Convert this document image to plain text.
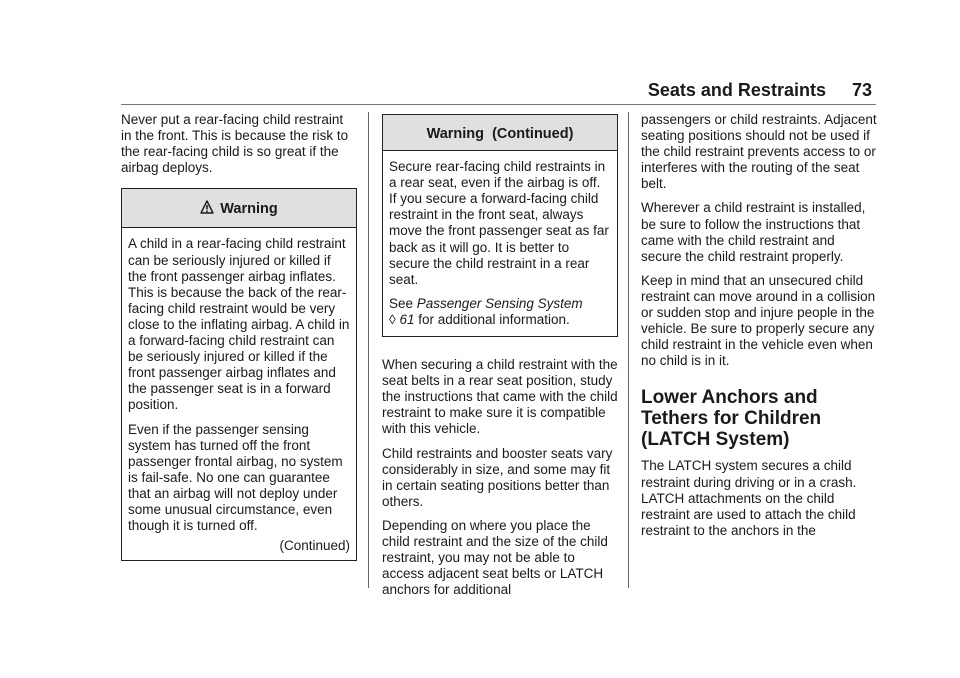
Seats and Restraints 73

Never put a rear-facing child restraint in the front. This is because the risk to the rear-facing child is so great if the airbag deploys.

Warning

A child in a rear-facing child restraint can be seriously injured or killed if the front passenger airbag inflates. This is because the back of the rear-facing child restraint would be very close to the inflating airbag. A child in a forward-facing child restraint can be seriously injured or killed if the front passenger airbag inflates and the passenger seat is in a forward position.

Even if the passenger sensing system has turned off the front passenger frontal airbag, no system is fail-safe. No one can guarantee that an airbag will not deploy under some unusual circumstance, even though it is turned off.

(Continued)
Warning  (Continued)

Secure rear-facing child restraints in a rear seat, even if the airbag is off. If you secure a forward-facing child restraint in the front seat, always move the front passenger seat as far back as it will go. It is better to secure the child restraint in a rear seat.

See Passenger Sensing System
◊ 61 for additional information.

When securing a child restraint with the seat belts in a rear seat position, study the instructions that came with the child restraint to make sure it is compatible with this vehicle.

Child restraints and booster seats vary considerably in size, and some may fit in certain seating positions better than others.

Depending on where you place the child restraint and the size of the child restraint, you may not be able to access adjacent seat belts or LATCH anchors for additional

passengers or child restraints. Adjacent seating positions should not be used if the child restraint prevents access to or interferes with the routing of the seat belt.

Wherever a child restraint is installed, be sure to follow the instructions that came with the child restraint and secure the child restraint properly.

Keep in mind that an unsecured child restraint can move around in a collision or sudden stop and injure people in the vehicle. Be sure to properly secure any child restraint in the vehicle even when no child is in it.

Lower Anchors and
Tethers for Children
(LATCH System)

The LATCH system secures a child restraint during driving or in a crash. LATCH attachments on the child restraint are used to attach the child restraint to the anchors in the
